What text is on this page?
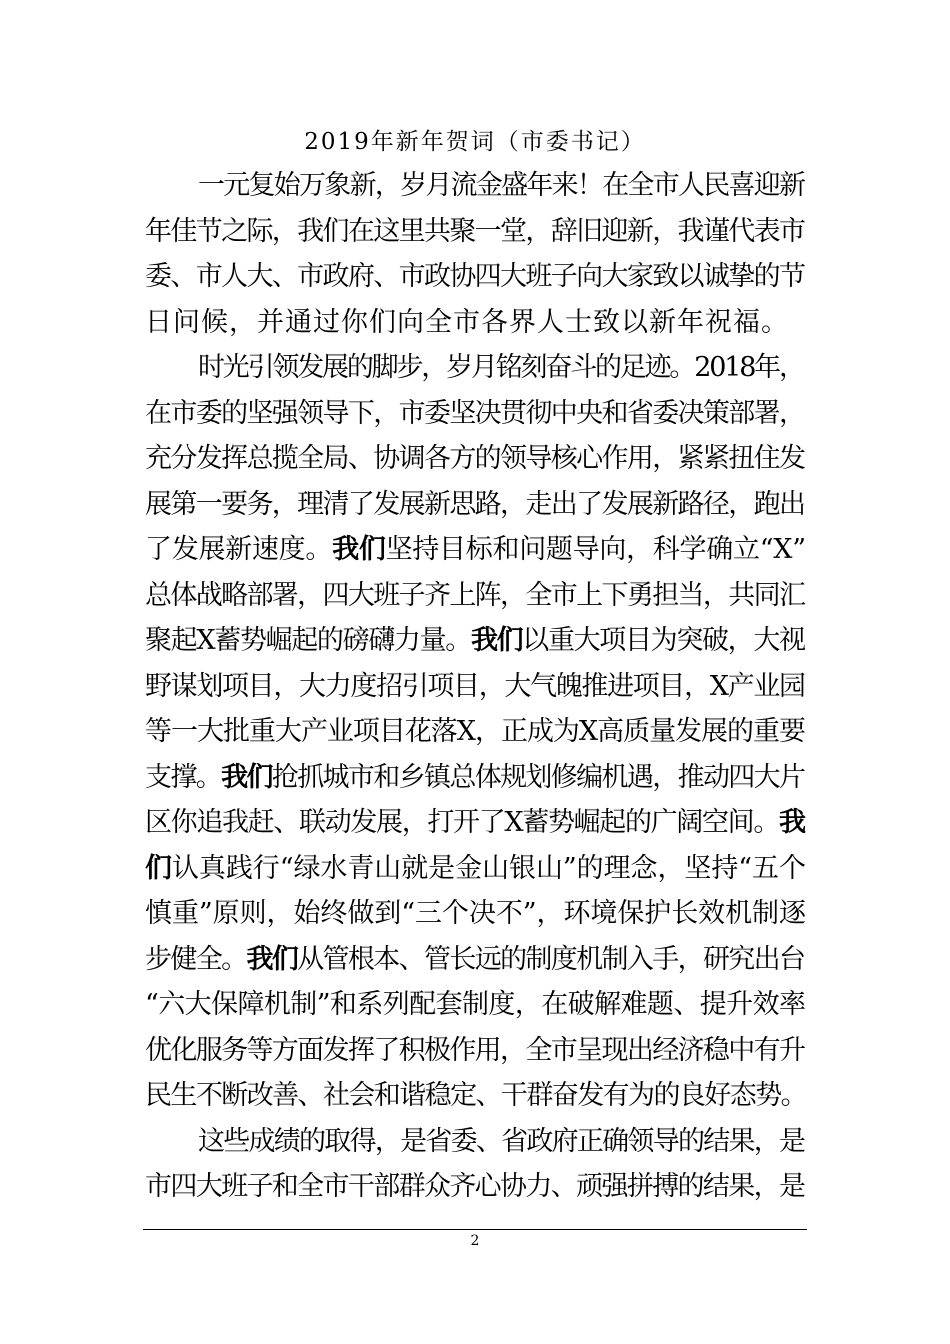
2019年新年贺词（市委书记）
一元复始万象新，岁月流金盛年来！在全市人民喜迎新
年佳节之际，我们在这里共聚一堂，辞旧迎新，我谨代表市
委、市人大、市政府、市政协四大班子向大家致以诚挚的节
日问候，并通过你们向全市各界人士致以新年祝福。
时光引领发展的脚步，岁月铭刻奋斗的足迹。2018年，
在市委的坚强领导下，市委坚决贯彻中央和省委决策部署，
充分发挥总揽全局、协调各方的领导核心作用，紧紧扭住发
展第一要务，理清了发展新思路，走出了发展新路径，跑出
了发展新速度。我们坚持目标和问题导向，科学确立“X”
总体战略部署，四大班子齐上阵，全市上下勇担当，共同汇
聚起X蓄势崛起的磅礴力量。我们以重大项目为突破，大视
野谋划项目，大力度招引项目，大气魄推进项目，X产业园
等一大批重大产业项目花落X，正成为X高质量发展的重要
支撑。我们抢抓城市和乡镇总体规划修编机遇，推动四大片
区你追我赶、联动发展，打开了X蓄势崛起的广阔空间。我
们认真践行“绿水青山就是金山银山”的理念，坚持“五个
慎重”原则，始终做到“三个决不”，环境保护长效机制逐
步健全。我们从管根本、管长远的制度机制入手，研究出台
“六大保障机制”和系列配套制度，在破解难题、提升效率
优化服务等方面发挥了积极作用，全市呈现出经济稳中有升
民生不断改善、社会和谐稳定、干群奋发有为的良好态势。
这些成绩的取得，是省委、省政府正确领导的结果，是
市四大班子和全市干部群众齐心协力、顽强拼搏的结果，是
2
